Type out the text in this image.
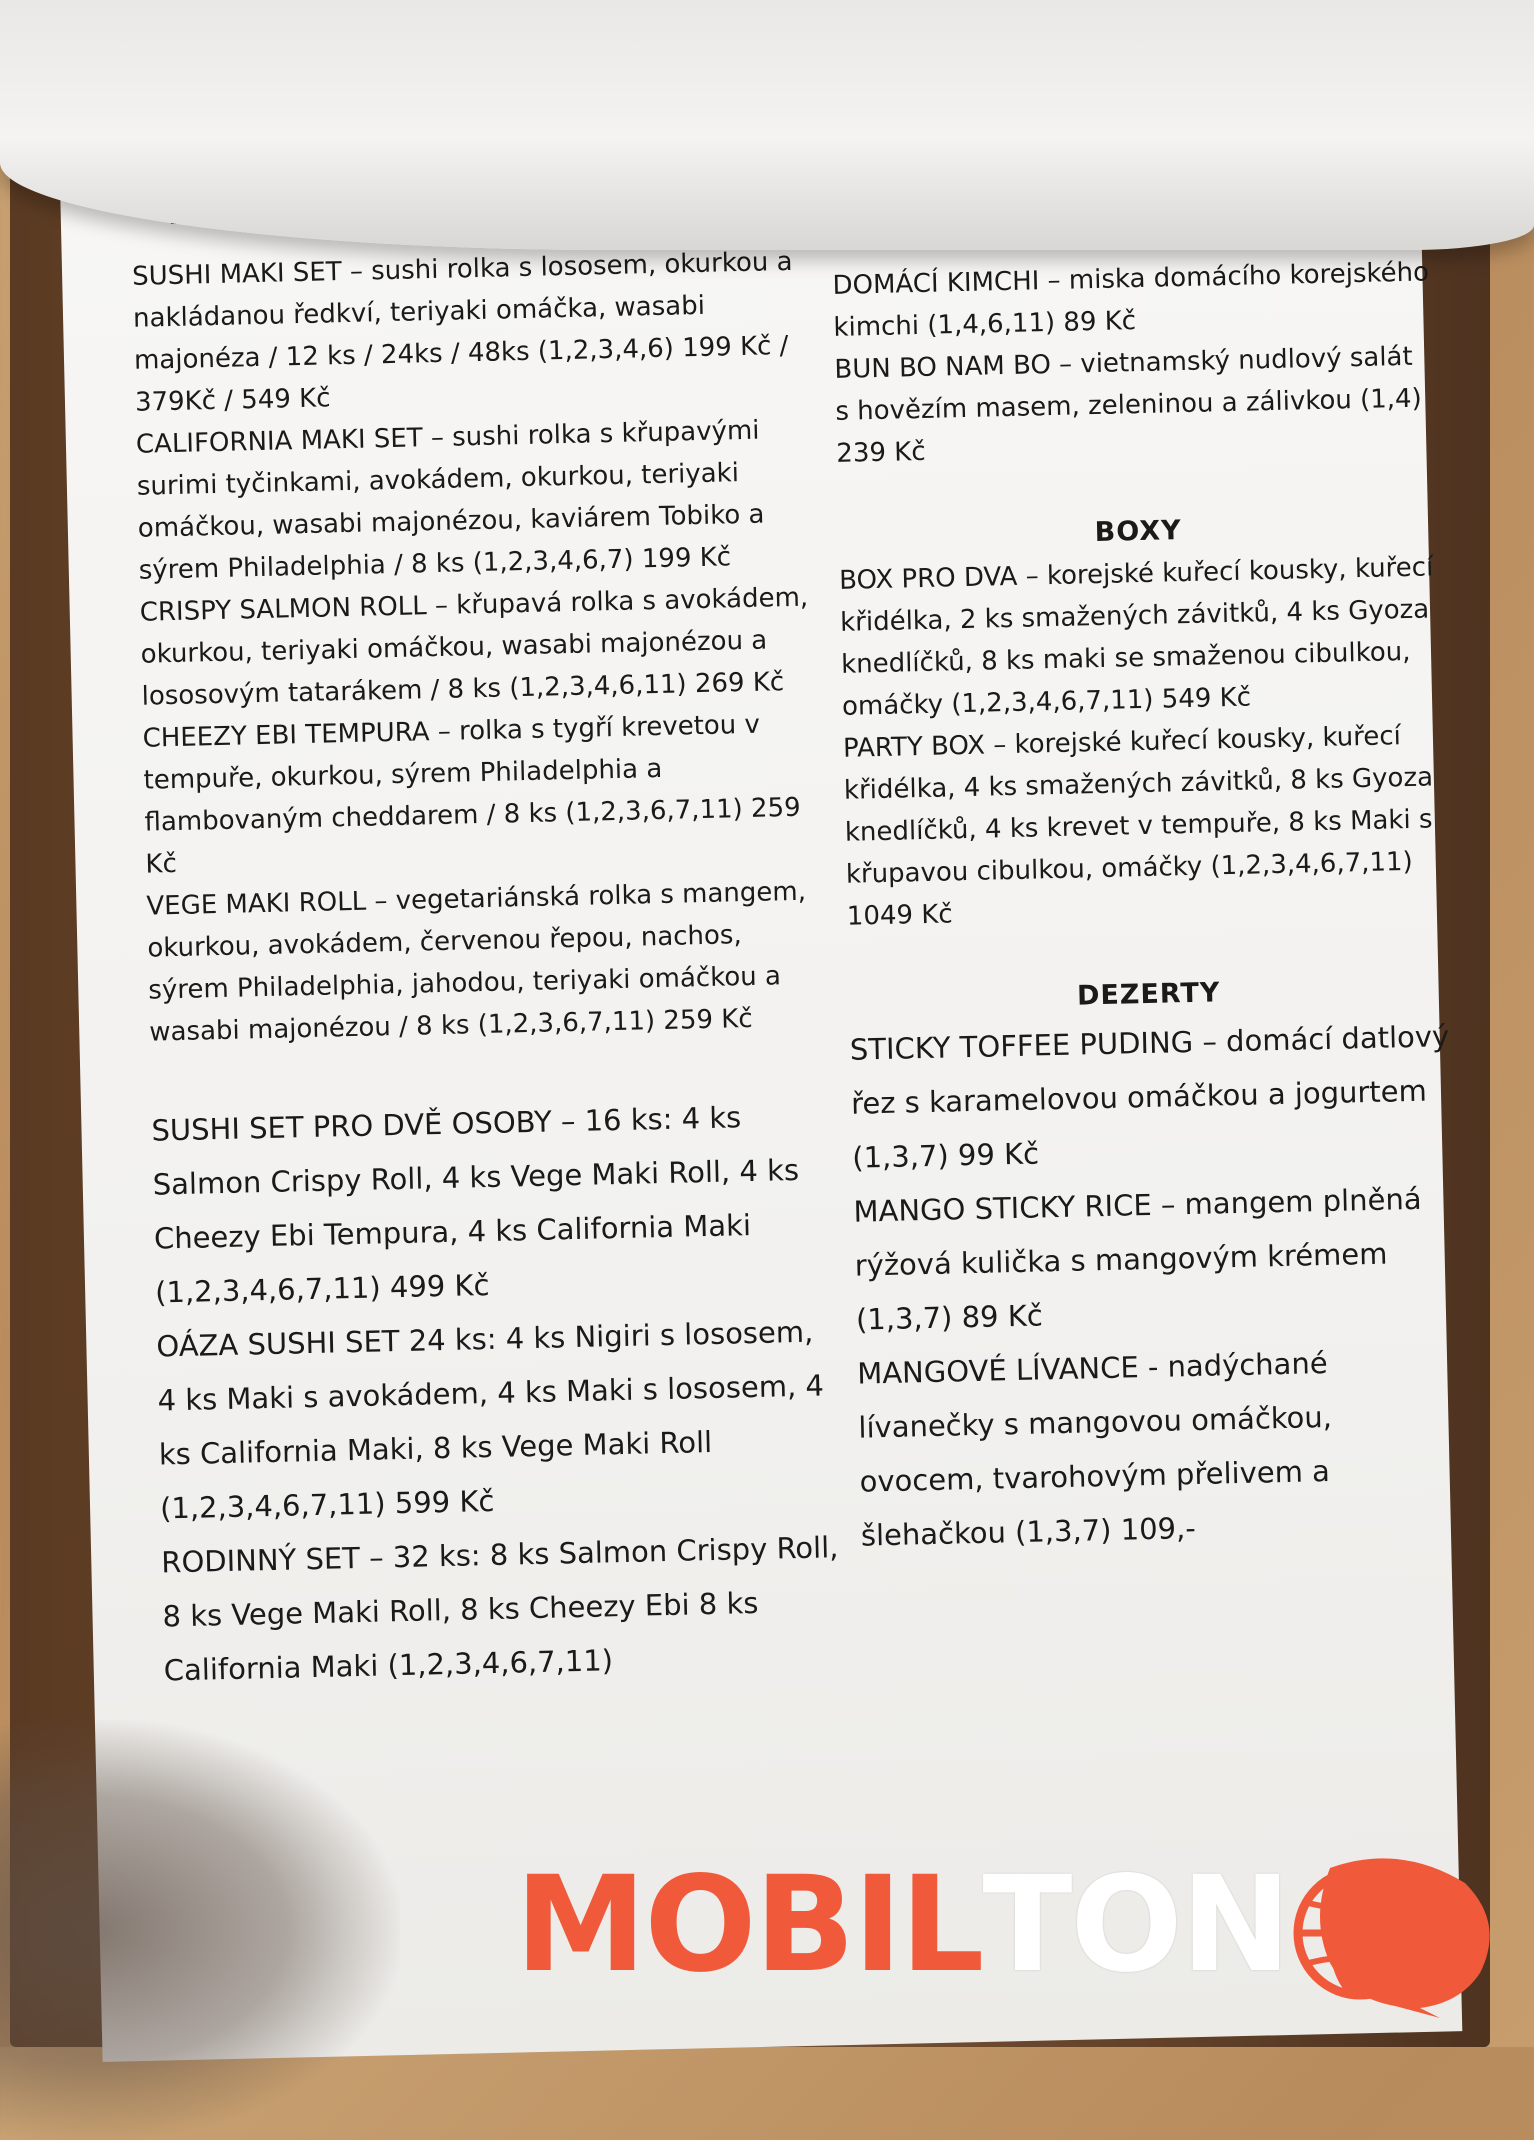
SUSHI MAKI SET – sushi rolka s lososem, okurkou a nakládanou ředkví, teriyaki omáčka, wasabi majonéza / 12 ks / 24ks / 48ks (1,2,3,4,6) 199 Kč / 379Kč / 549 Kč

CALIFORNIA MAKI SET – sushi rolka s křupavými surimi tyčinkami, avokádem, okurkou, teriyaki omáčkou, wasabi majonézou, kaviárem Tobiko a sýrem Philadelphia / 8 ks (1,2,3,4,6,7) 199 Kč

CRISPY SALMON ROLL – křupavá rolka s avokádem, okurkou, teriyaki omáčkou, wasabi majonézou a lososovým tatarákem / 8 ks (1,2,3,4,6,11) 269 Kč

CHEEZY EBI TEMPURA – rolka s tygří krevetou v tempuře, okurkou, sýrem Philadelphia a flambovaným cheddarem / 8 ks (1,2,3,6,7,11) 259 Kč

VEGE MAKI ROLL – vegetariánská rolka s mangem, okurkou, avokádem, červenou řepou, nachos, sýrem Philadelphia, jahodou, teriyaki omáčkou a wasabi majonézou / 8 ks (1,2,3,6,7,11) 259 Kč

SUSHI SET PRO DVĚ OSOBY – 16 ks: 4 ks Salmon Crispy Roll, 4 ks Vege Maki Roll, 4 ks Cheezy Ebi Tempura, 4 ks California Maki (1,2,3,4,6,7,11) 499 Kč

OÁZA SUSHI SET 24 ks: 4 ks Nigiri s lososem, 4 ks Maki s avokádem, 4 ks Maki s lososem, 4 ks California Maki, 8 ks Vege Maki Roll (1,2,3,4,6,7,11) 599 Kč

RODINNÝ SET – 32 ks: 8 ks Salmon Crispy Roll, 8 ks Vege Maki Roll, 8 ks Cheezy Ebi 8 ks California Maki (1,2,3,4,6,7,11)

DOMÁCÍ KIMCHI – miska domácího korejského kimchi (1,4,6,11) 89 Kč

BUN BO NAM BO – vietnamský nudlový salát s hovězím masem, zeleninou a zálivkou (1,4) 239 Kč

BOXY

BOX PRO DVA – korejské kuřecí kousky, kuřecí křidélka, 2 ks smažených závitků, 4 ks Gyoza knedlíčků, 8 ks maki se smaženou cibulkou, omáčky (1,2,3,4,6,7,11) 549 Kč

PARTY BOX – korejské kuřecí kousky, kuřecí křidélka, 4 ks smažených závitků, 8 ks Gyoza knedlíčků, 4 ks krevet v tempuře, 8 ks Maki s křupavou cibulkou, omáčky (1,2,3,4,6,7,11) 1049 Kč

DEZERTY

STICKY TOFFEE PUDING – domácí datlový řez s karamelovou omáčkou a jogurtem (1,3,7) 99 Kč

MANGO STICKY RICE – mangem plněná rýžová kulička s mangovým krémem (1,3,7) 89 Kč

MANGOVÉ LÍVANCE - nadýchané lívanečky s mangovou omáčkou, ovocem, tvarohovým přelivem a šlehačkou (1,3,7) 109,-

MOBIL TON
